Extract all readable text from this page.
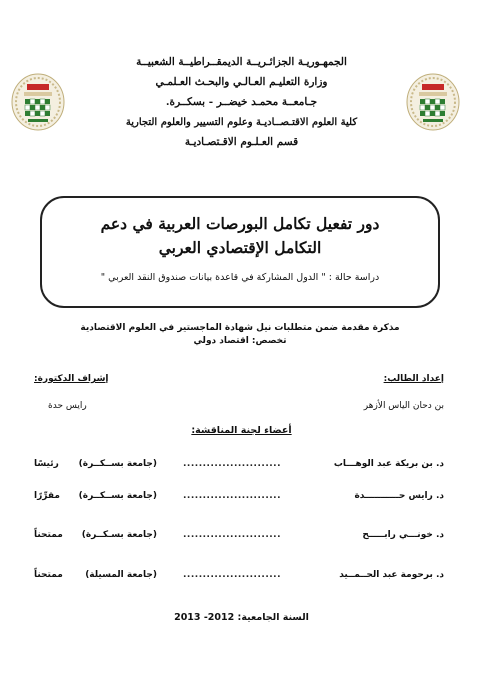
الجمهـوريـة الجزائـريــة الديمقــراطيــة الشعبيــة
وزارة التعليـم العـالـي والبحـث العـلمـي
جـامعــة محمـد خيضــر - بسكــرة.
كلية العلوم الاقتـصــاديـة وعلوم التسيير والعلوم التجارية
قسم العـلـوم الاقـتصـاديـة
دور تفعيل تكامل البورصات العربية في دعم التكامل الإقتصادي العربي
دراسة حالة : " الدول المشاركة في قاعدة بيانات صندوق النقد العربي "
مذكرة مقدمة ضمن متطلبات نيل شهادة الماجستير في العلوم الاقتصادية
تخصص: اقتصاد دولي
إعداد الطالب:
إشراف الدكتورة:
بن دحان الياس الأزهر
رايس حدة
أعضاء لجنة المناقشة:
د. بن بريكة عبد الوهـــاب
.........................
(جامعة بســكــرة)
رئيسًا
د. رايس حـــــــــــدة
.........................
(جامعة بســكــرة)
مقرِّرًا
د. خونـــي رابـــــح
.........................
(جامعة بسـكــرة)
ممتحناً
د. برحومة عبد الحــمــيد
.........................
(جامعة المسيلة)
ممتحناً
السنة الجامعية: 2012- 2013
